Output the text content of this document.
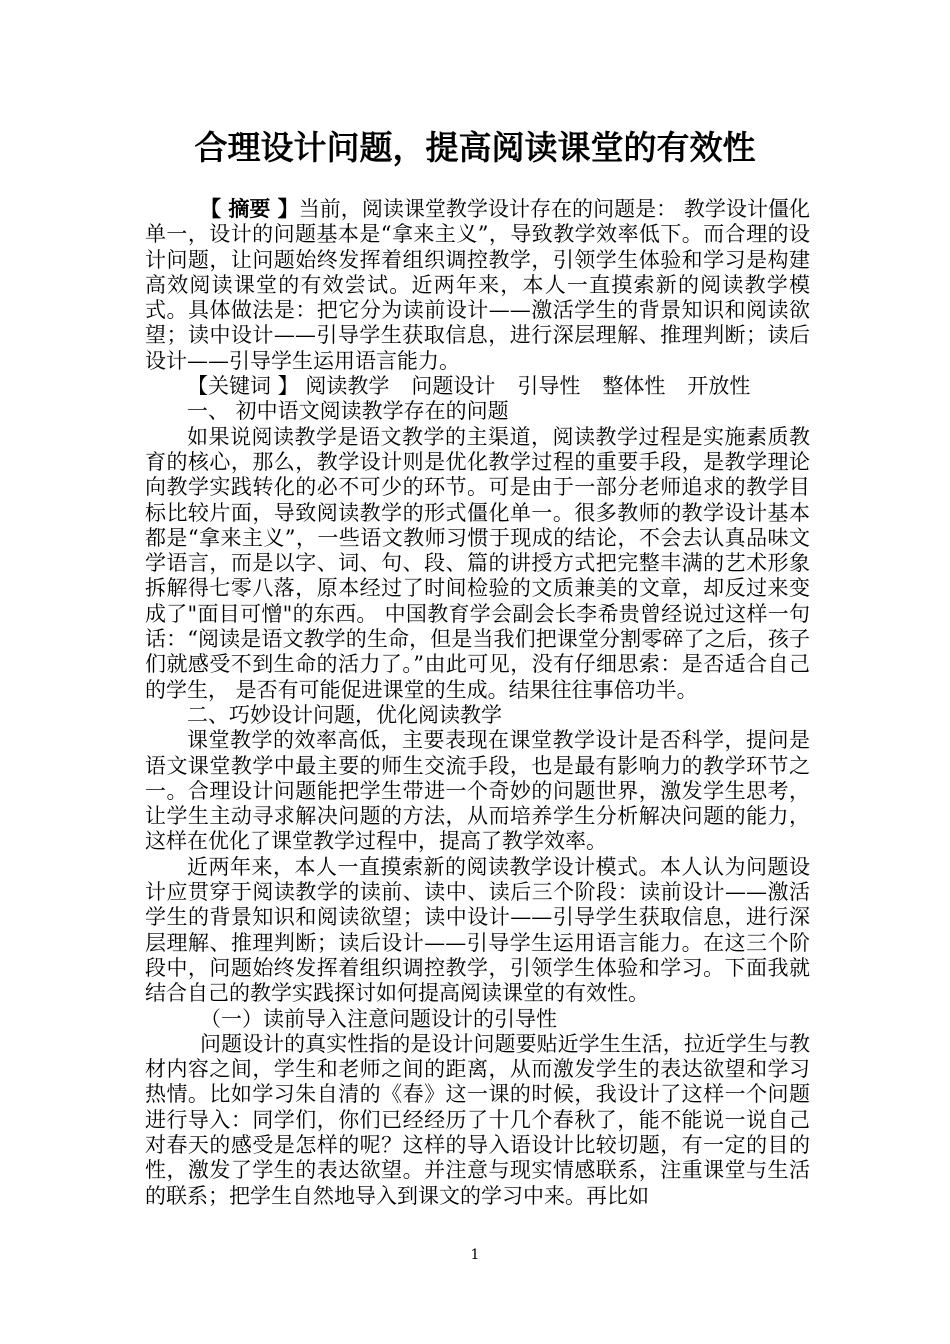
合理设计问题，提高阅读课堂的有效性

【 摘要 】当前，阅读课堂教学设计存在的问题是： 教学设计僵化单一，设计的问题基本是“拿来主义”，导致教学效率低下。而合理的设计问题，让问题始终发挥着组织调控教学，引领学生体验和学习是构建高效阅读课堂的有效尝试。近两年来，本人一直摸索新的阅读教学模式。具体做法是：把它分为读前设计——激活学生的背景知识和阅读欲望；读中设计——引导学生获取信息，进行深层理解、推理判断；读后设计——引导学生运用语言能力。

【关键词 】 阅读教学 问题设计 引导性 整体性 开放性

一、 初中语文阅读教学存在的问题

如果说阅读教学是语文教学的主渠道，阅读教学过程是实施素质教育的核心，那么，教学设计则是优化教学过程的重要手段，是教学理论向教学实践转化的必不可少的环节。可是由于一部分老师追求的教学目标比较片面，导致阅读教学的形式僵化单一。很多教师的教学设计基本都是“拿来主义”，一些语文教师习惯于现成的结论，不会去认真品味文学语言，而是以字、词、句、段、篇的讲授方式把完整丰满的艺术形象拆解得七零八落，原本经过了时间检验的文质兼美的文章，却反过来变成了"面目可憎"的东西。 中国教育学会副会长李希贵曾经说过这样一句话：“阅读是语文教学的生命，但是当我们把课堂分割零碎了之后，孩子们就感受不到生命的活力了。”由此可见，没有仔细思索：是否适合自己的学生， 是否有可能促进课堂的生成。结果往往事倍功半。

二、巧妙设计问题，优化阅读教学

课堂教学的效率高低，主要表现在课堂教学设计是否科学，提问是语文课堂教学中最主要的师生交流手段，也是最有影响力的教学环节之一。合理设计问题能把学生带进一个奇妙的问题世界，激发学生思考，让学生主动寻求解决问题的方法，从而培养学生分析解决问题的能力，这样在优化了课堂教学过程中，提高了教学效率。

近两年来，本人一直摸索新的阅读教学设计模式。本人认为问题设计应贯穿于阅读教学的读前、读中、读后三个阶段：读前设计——激活学生的背景知识和阅读欲望；读中设计——引导学生获取信息，进行深层理解、推理判断；读后设计——引导学生运用语言能力。在这三个阶段中，问题始终发挥着组织调控教学，引领学生体验和学习。下面我就结合自己的教学实践探讨如何提高阅读课堂的有效性。

（一）读前导入注意问题设计的引导性

问题设计的真实性指的是设计问题要贴近学生生活，拉近学生与教材内容之间，学生和老师之间的距离，从而激发学生的表达欲望和学习热情。比如学习朱自清的《春》这一课的时候，我设计了这样一个问题进行导入：同学们，你们已经经历了十几个春秋了，能不能说一说自己对春天的感受是怎样的呢？这样的导入语设计比较切题，有一定的目的性，激发了学生的表达欲望。并注意与现实情感联系，注重课堂与生活的联系；把学生自然地导入到课文的学习中来。再比如

1
